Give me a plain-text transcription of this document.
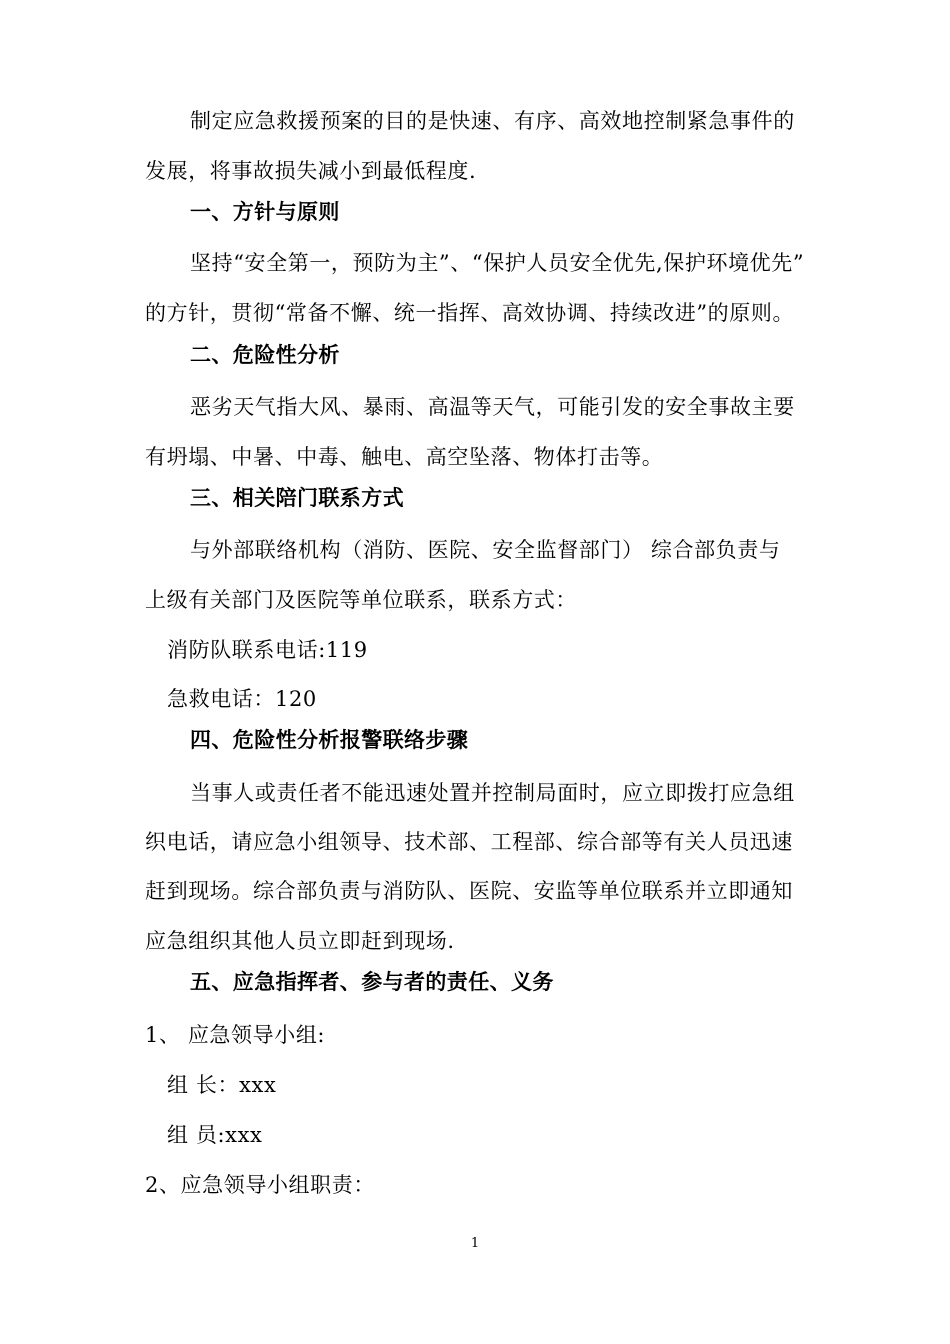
制定应急救援预案的目的是快速、有序、高效地控制紧急事件的
发展，将事故损失减小到最低程度.
一、方针与原则
坚持“安全第一，预防为主”、“保护人员安全优先,保护环境优先”
的方针，贯彻“常备不懈、统一指挥、高效协调、持续改进”的原则。
二、危险性分析
恶劣天气指大风、暴雨、高温等天气，可能引发的安全事故主要
有坍塌、中暑、中毒、触电、高空坠落、物体打击等。
三、相关陪门联系方式
与外部联络机构（消防、医院、安全监督部门） 综合部负责与
上级有关部门及医院等单位联系，联系方式：
消防队联系电话:119
急救电话：120
四、危险性分析报警联络步骤
当事人或责任者不能迅速处置并控制局面时，应立即拨打应急组
织电话，请应急小组领导、技术部、工程部、综合部等有关人员迅速
赶到现场。综合部负责与消防队、医院、安监等单位联系并立即通知
应急组织其他人员立即赶到现场.
五、应急指挥者、参与者的责任、义务
1、 应急领导小组:
组 长：xxx
组 员:xxx
2、应急领导小组职责：
1
